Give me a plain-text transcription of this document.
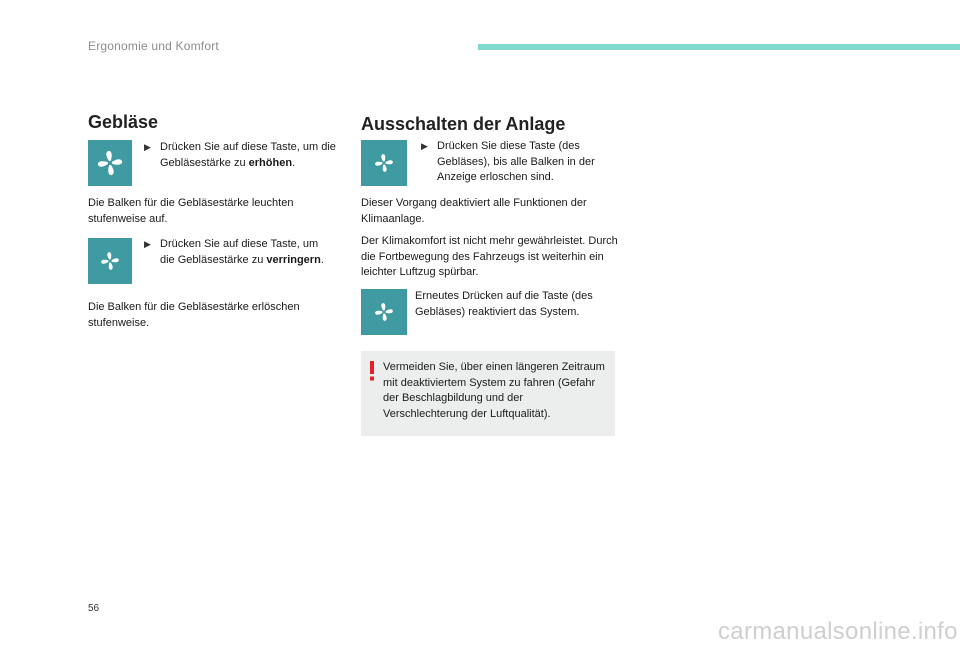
Ergonomie und Komfort
Gebläse
▶ Drücken Sie auf diese Taste, um die Gebläsestärke zu erhöhen.
Die Balken für die Gebläsestärke leuchten stufenweise auf.
▶ Drücken Sie auf diese Taste, um die Gebläsestärke zu verringern.
Die Balken für die Gebläsestärke erlöschen stufenweise.
Ausschalten der Anlage
▶ Drücken Sie diese Taste (des Gebläses), bis alle Balken in der Anzeige erloschen sind.
Dieser Vorgang deaktiviert alle Funktionen der Klimaanlage.
Der Klimakomfort ist nicht mehr gewährleistet. Durch die Fortbewegung des Fahrzeugs ist weiterhin ein leichter Luftzug spürbar.
Erneutes Drücken auf die Taste (des Gebläses) reaktiviert das System.
Vermeiden Sie, über einen längeren Zeitraum mit deaktiviertem System zu fahren (Gefahr der Beschlagbildung und der Verschlechterung der Luftqualität).
56
carmanualsonline.info
